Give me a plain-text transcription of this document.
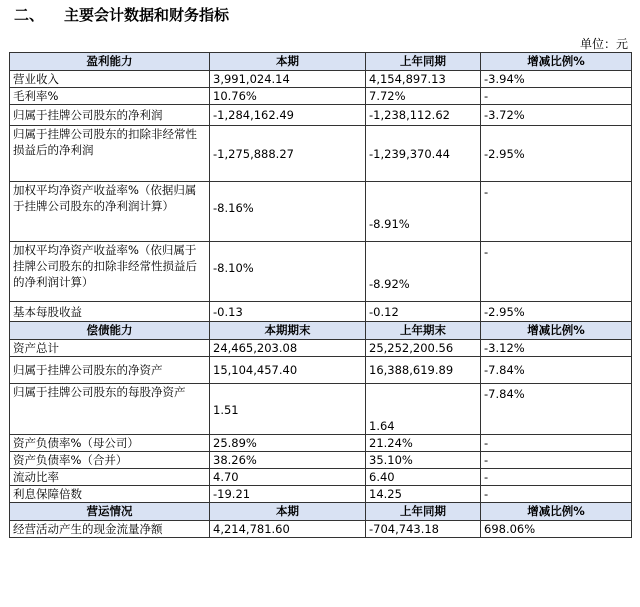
二、 主要会计数据和财务指标
单位：元
盈利能力	本期	上年同期	增减比例%
营业收入	3,991,024.14	4,154,897.13	-3.94%
毛利率%	10.76%	7.72%	-
归属于挂牌公司股东的净利润	-1,284,162.49	-1,238,112.62	-3.72%
归属于挂牌公司股东的扣除非经常性损益后的净利润	-1,275,888.27	-1,239,370.44	-2.95%
加权平均净资产收益率%（依据归属于挂牌公司股东的净利润计算）	-8.16%	-8.91%	-
加权平均净资产收益率%（依归属于挂牌公司股东的扣除非经常性损益后的净利润计算）	-8.10%	-8.92%	-
基本每股收益	-0.13	-0.12	-2.95%
偿债能力	本期期末	上年期末	增减比例%
资产总计	24,465,203.08	25,252,200.56	-3.12%
归属于挂牌公司股东的净资产	15,104,457.40	16,388,619.89	-7.84%
归属于挂牌公司股东的每股净资产	1.51	1.64	-7.84%
资产负债率%（母公司）	25.89%	21.24%	-
资产负债率%（合并）	38.26%	35.10%	-
流动比率	4.70	6.40	-
利息保障倍数	-19.21	14.25	-
营运情况	本期	上年同期	增减比例%
经营活动产生的现金流量净额	4,214,781.60	-704,743.18	698.06%
